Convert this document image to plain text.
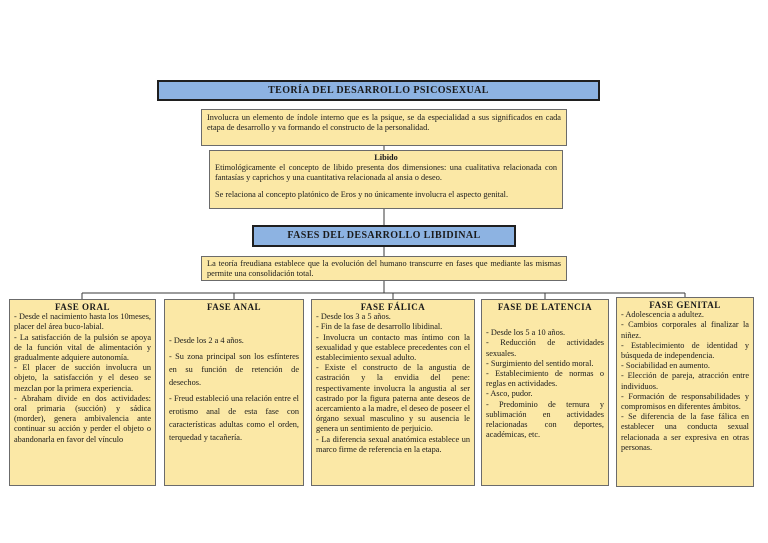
TEORÍA DEL DESARROLLO PSICOSEXUAL
Involucra un elemento de índole interno que es la psique, se da especialidad a sus significados en cada etapa de desarrollo y va formando el constructo de la personalidad.
Libido

Etimológicamente el concepto de libido presenta dos dimensiones: una cualitativa relacionada con fantasías y caprichos y una cuantitativa relacionada al ansia o deseo.

Se relaciona al concepto platónico de Eros y no únicamente involucra el aspecto genital.

FASES DEL DESARROLLO LIBIDINAL
La teoría freudiana establece que la evolución del humano transcurre en fases que mediante las mismas permite una consolidación total.
FASE ORAL

- Desde el nacimiento hasta los 10meses, placer del área buco-labial.

- La satisfacción de la pulsión se apoya de la función vital de alimentación y gradualmente adquiere autonomía.

- El placer de succión involucra un objeto, la satisfacción y el deseo se mezclan por la primera experiencia.

- Abraham divide en dos actividades: oral primaria (succión) y sádica (morder), genera ambivalencia ante continuar su acción y perder el objeto o abandonarla en favor del vínculo

FASE ANAL

- Desde los 2 a 4 años.

- Su zona principal son los esfínteres en su función de retención de desechos.

- Freud estableció una relación entre el erotismo anal de esta fase con características adultas como el orden, terquedad y tacañería.

FASE FÁLICA

- Desde los 3 a 5 años.

- Fin de la fase de desarrollo libidinal.

- Involucra un contacto mas íntimo con la sexualidad y que establece precedentes con el establecimiento sexual adulto.

- Existe el constructo de la angustia de castración y la envidia del pene: respectivamente involucra la angustia al ser castrado por la figura paterna ante deseos de acercamiento a la madre, el deseo de poseer el órgano sexual masculino y su ausencia le genera un sentimiento de perjuicio.

- La diferencia sexual anatómica establece un marco firme de referencia en la etapa.

FASE DE LATENCIA

- Desde los 5 a 10 años.

- Reducción de actividades sexuales.

- Surgimiento del sentido moral.

- Establecimiento de normas o reglas en actividades.

- Asco, pudor.

- Predominio de ternura y sublimación en actividades relacionadas con deportes, académicas, etc.

FASE GENITAL

- Adolescencia a adultez.

- Cambios corporales al finalizar la niñez.

- Establecimiento de identidad y búsqueda de independencia.

- Sociabilidad en aumento.

- Elección de pareja, atracción entre individuos.

- Formación de responsabilidades y compromisos en diferentes ámbitos.

- Se diferencia de la fase fálica en establecer una conducta sexual relacionada a ser expresiva en otras personas.
